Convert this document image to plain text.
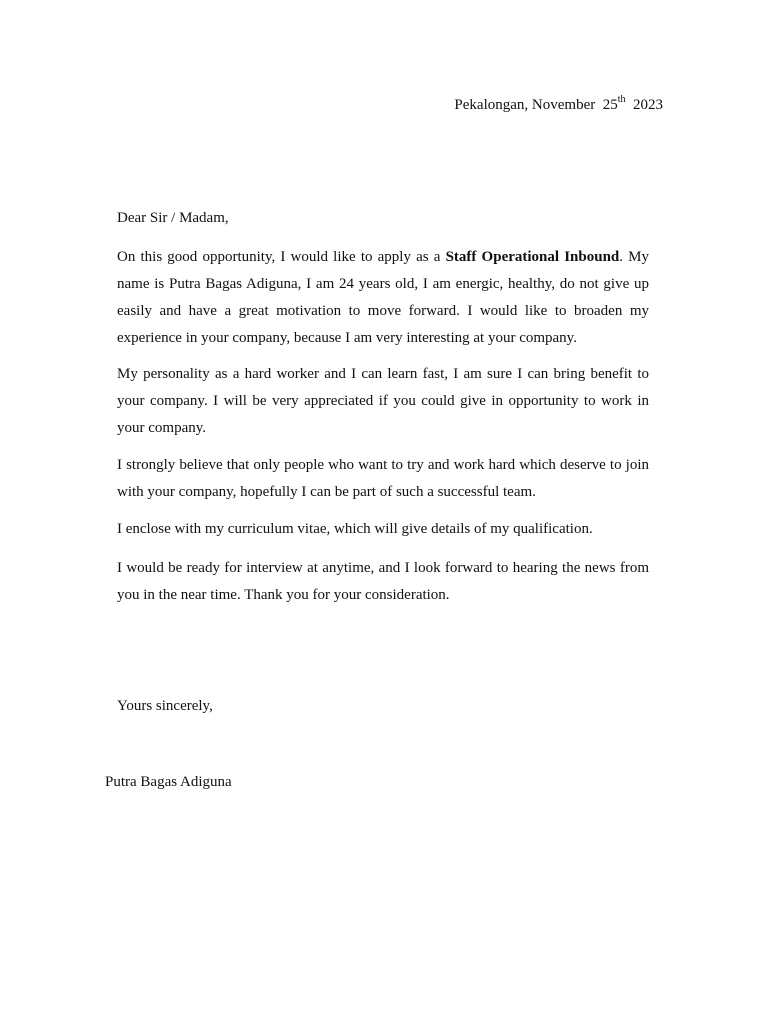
Pekalongan, November 25th 2023
Dear Sir / Madam,

On this good opportunity, I would like to apply as a Staff Operational Inbound. My name is Putra Bagas Adiguna, I am 24 years old, I am energic, healthy, do not give up easily and have a great motivation to move forward. I would like to broaden my experience in your company, because I am very interesting at your company.

My personality as a hard worker and I can learn fast, I am sure I can bring benefit to your company. I will be very appreciated if you could give in opportunity to work in your company.

I strongly believe that only people who want to try and work hard which deserve to join with your company, hopefully I can be part of such a successful team.

I enclose with my curriculum vitae, which will give details of my qualification.

I would be ready for interview at anytime, and I look forward to hearing the news from you in the near time. Thank you for your consideration.

Yours sincerely,
Putra Bagas Adiguna
